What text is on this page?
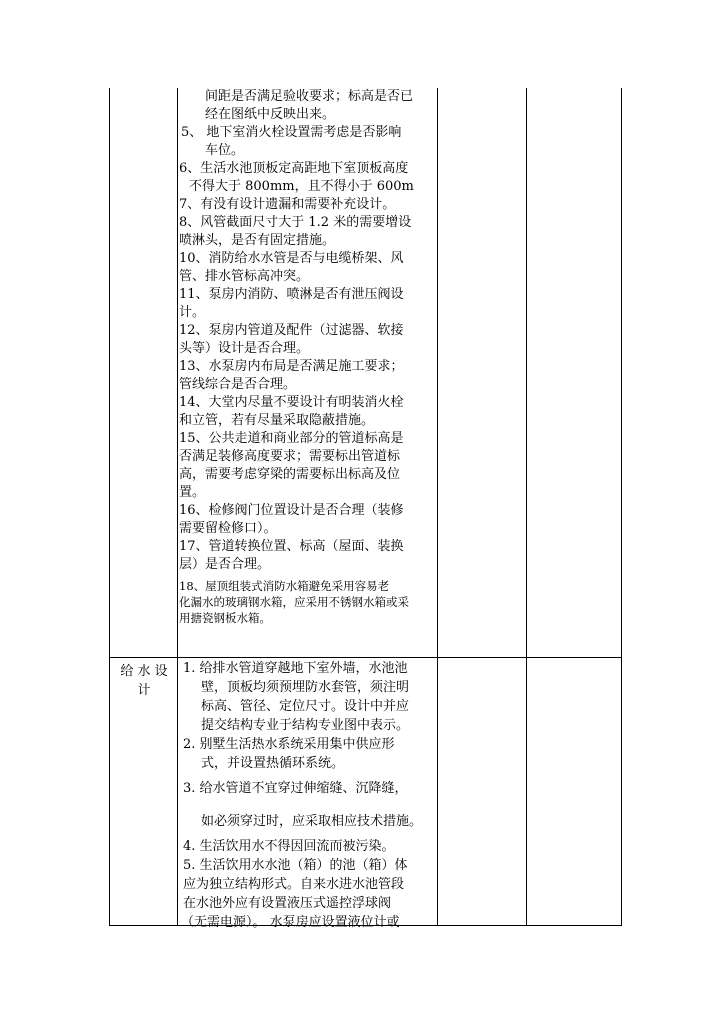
间距是否满足验收要求；标高是否已
经在图纸中反映出来。
5、 地下室消火栓设置需考虑是否影响
车位。
6、生活水池顶板定高距地下室顶板高度
不得大于 800mm，且不得小于 600m
7、有没有设计遗漏和需要补充设计。
8、风管截面尺寸大于 1.2 米的需要增设
喷淋头，是否有固定措施。
10、消防给水水管是否与电缆桥架、风
管、排水管标高冲突。
11、泵房内消防、喷淋是否有泄压阀设
计。
12、泵房内管道及配件（过滤器、软接
头等）设计是否合理。
13、水泵房内布局是否满足施工要求；
管线综合是否合理。
14、大堂内尽量不要设计有明装消火栓
和立管，若有尽量采取隐蔽措施。
15、公共走道和商业部分的管道标高是
否满足装修高度要求；需要标出管道标
高，需要考虑穿梁的需要标出标高及位
置。
16、检修阀门位置设计是否合理（装修
需要留检修口）。
17、管道转换位置、标高（屋面、装换
层）是否合理。
18、屋顶组装式消防水箱避免采用容易老
化漏水的玻璃钢水箱，应采用不锈钢水箱或采
用搪瓷钢板水箱。
给 水 设
计
1. 给排水管道穿越地下室外墙，水池池
壁，顶板均须预埋防水套管，须注明
标高、管径、定位尺寸。设计中并应
提交结构专业于结构专业图中表示。
2. 别墅生活热水系统采用集中供应形
式，并设置热循环系统。
3. 给水管道不宜穿过伸缩缝、沉降缝，
如必须穿过时，应采取相应技术措施。
4. 生活饮用水不得因回流而被污染。
5. 生活饮用水水池（箱）的池（箱）体
应为独立结构形式。自来水进水池管段
在水池外应有设置液压式遥控浮球阀
（无需电源）。 水泵房应设置液位计或
